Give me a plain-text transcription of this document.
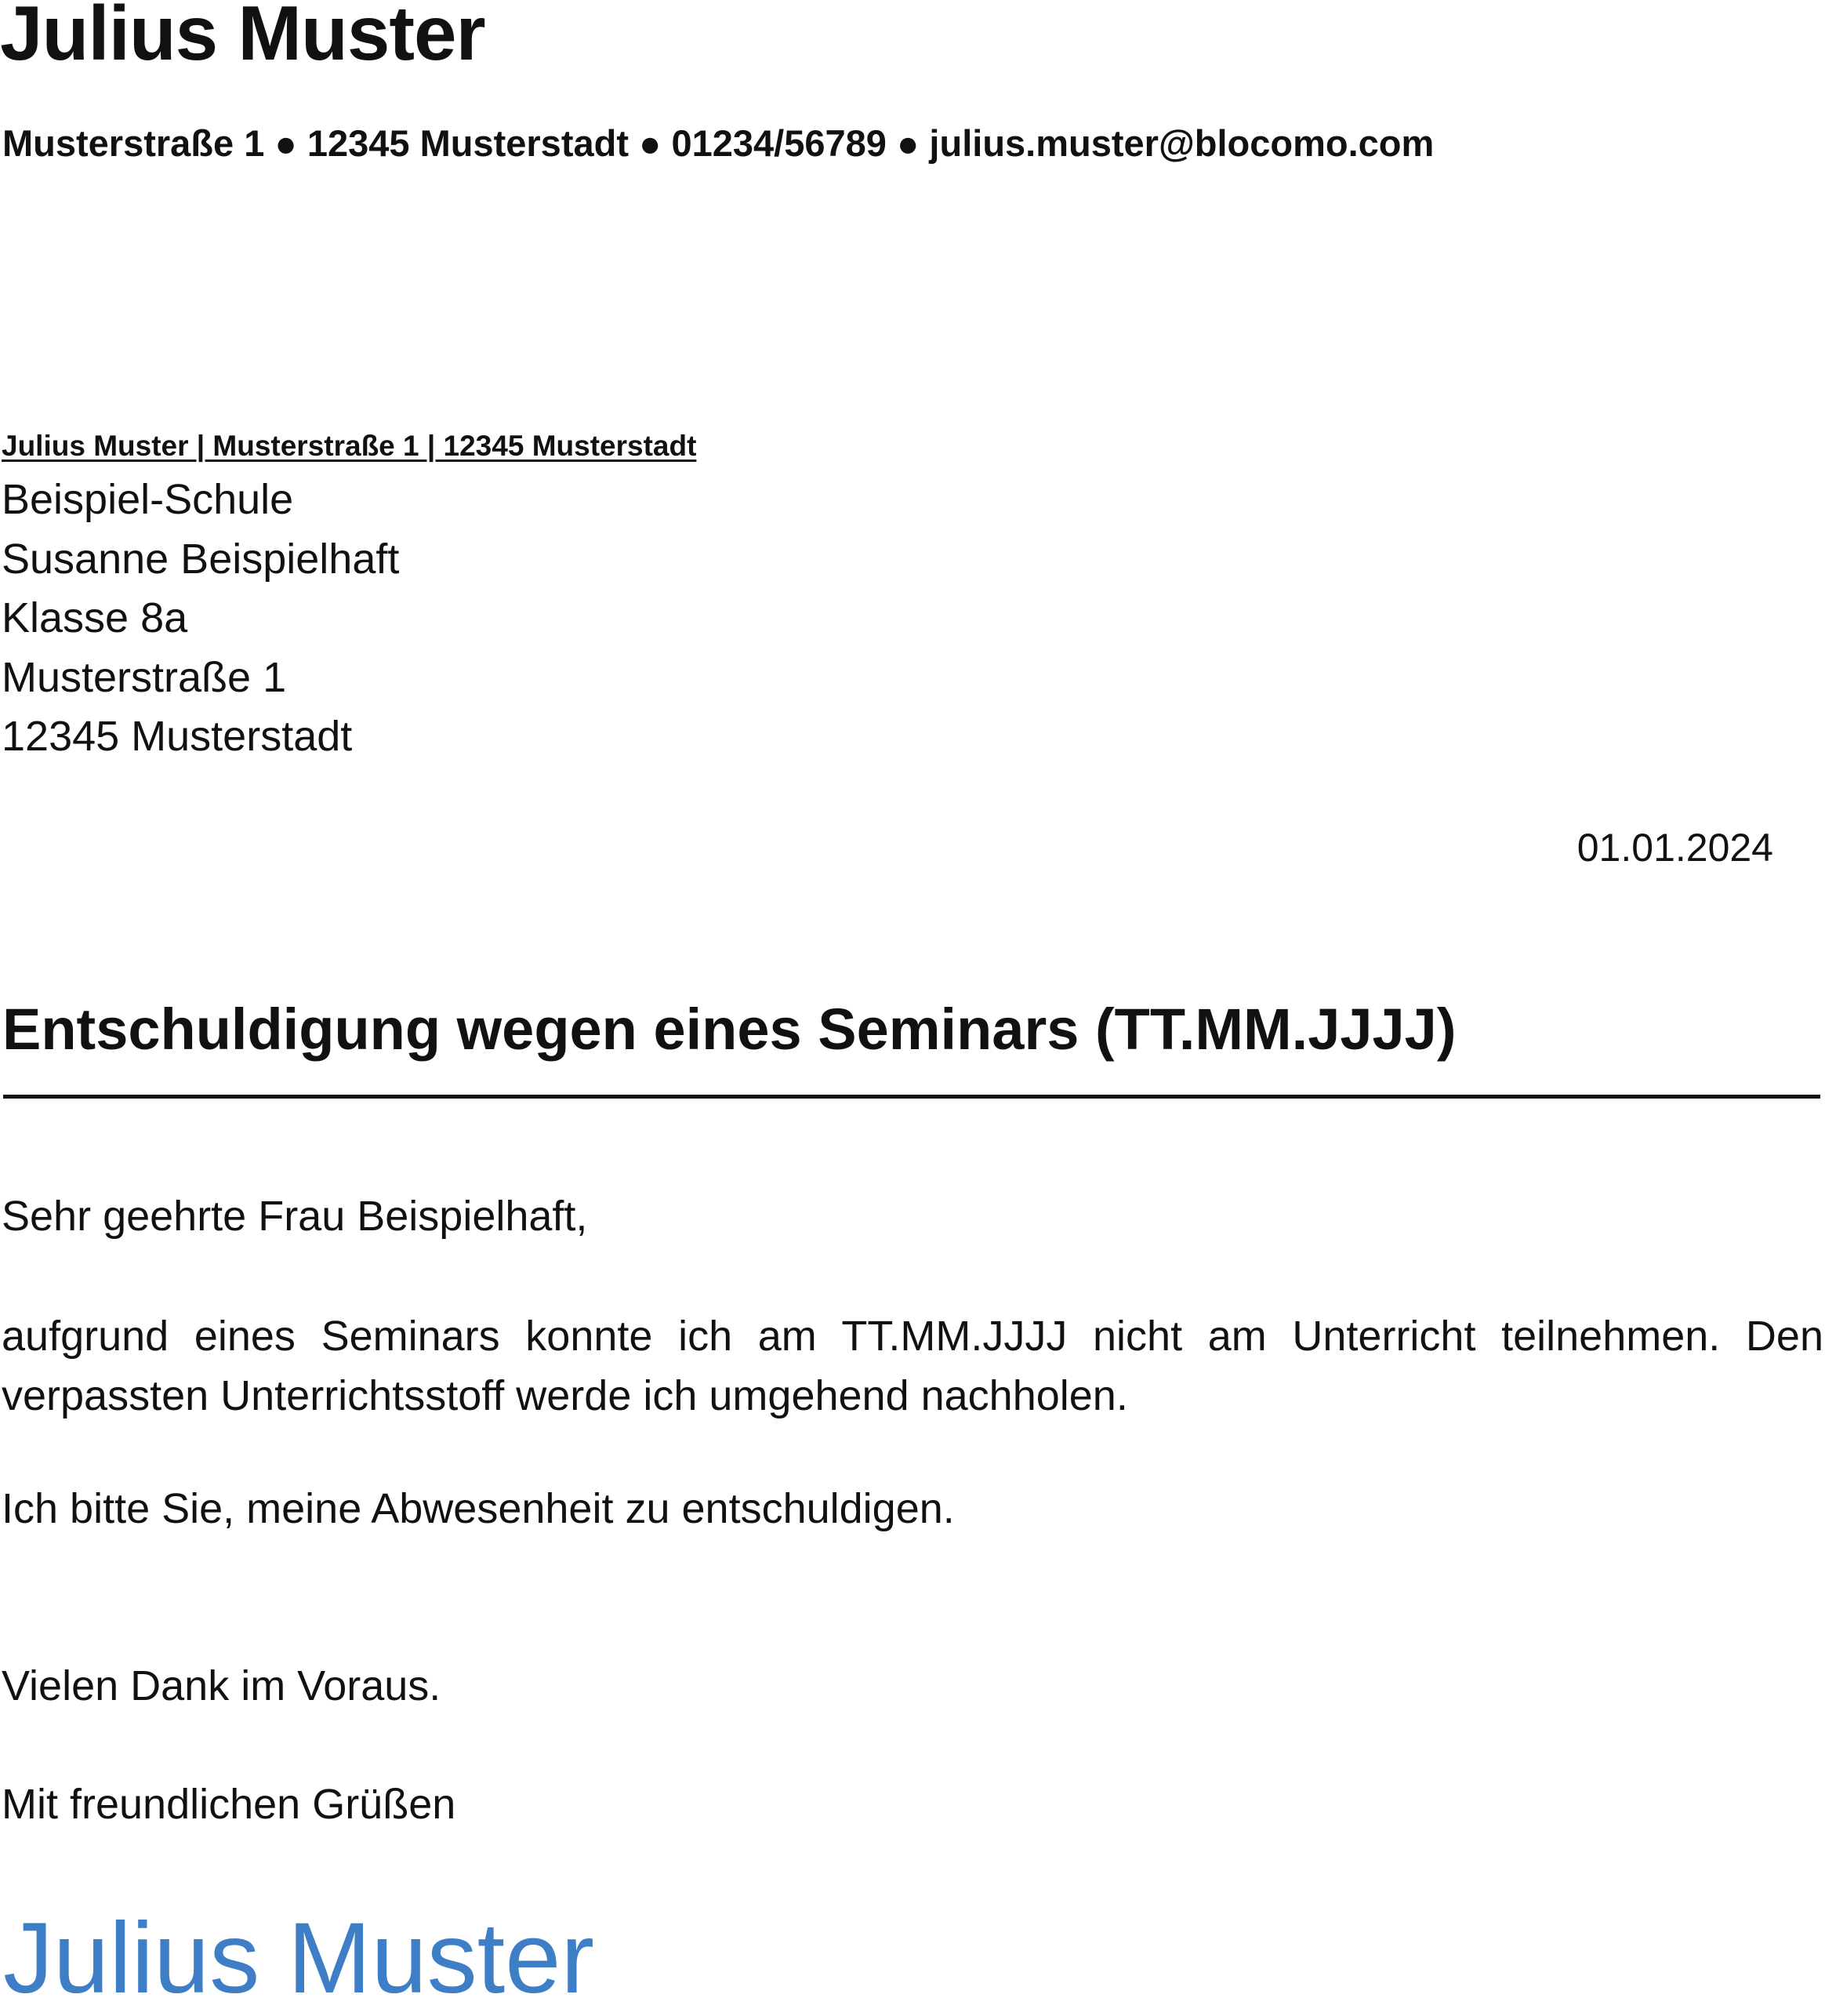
Julius Muster
Musterstraße 1 ● 12345 Musterstadt ● 01234/56789 ● julius.muster@blocomo.com
Julius Muster | Musterstraße 1 | 12345 Musterstadt
Beispiel-Schule
Susanne Beispielhaft
Klasse 8a
Musterstraße 1
12345 Musterstadt
01.01.2024
Entschuldigung wegen eines Seminars (TT.MM.JJJJ)
Sehr geehrte Frau Beispielhaft,
aufgrund eines Seminars konnte ich am TT.MM.JJJJ nicht am Unterricht teilnehmen. Den verpassten Unterrichtsstoff werde ich umgehend nachholen.
Ich bitte Sie, meine Abwesenheit zu entschuldigen.
Vielen Dank im Voraus.
Mit freundlichen Grüßen
Julius Muster
